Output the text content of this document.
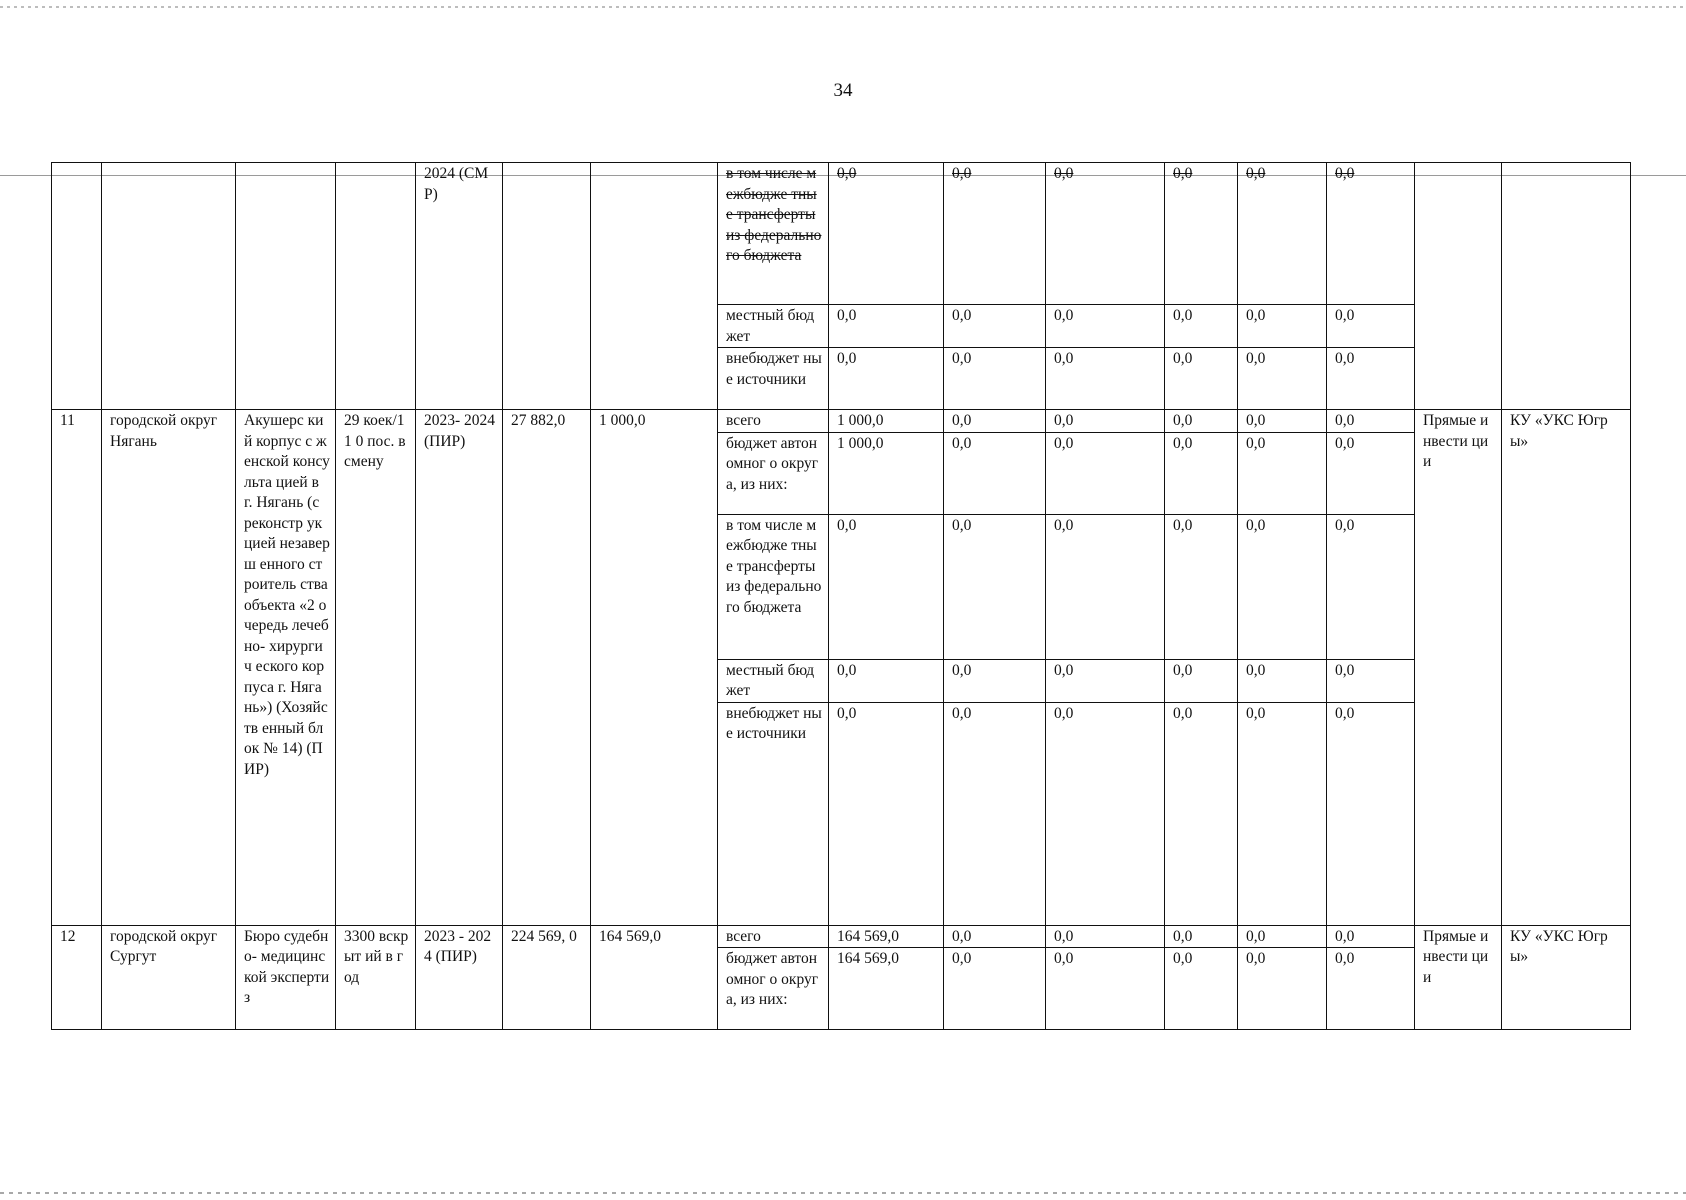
34
				2024 (СМР)			в том числе межбюдже тные трансферты из федерально го бюджета	0,0	0,0	0,0	0,0	0,0	0,0		
							местный бюджет	0,0	0,0	0,0	0,0	0,0	0,0		
							внебюджет ные источники	0,0	0,0	0,0	0,0	0,0	0,0		
11	городской округ Нягань	Акушерс кий корпус с женской консульта цией в г. Нягань (с реконстр укцией незаверш енного строитель ства объекта «2 очередь лечебно- хирургич еского корпуса г. Нягань») (Хозяйств енный блок № 14) (ПИР)	29 коек/11 0 пос. в смену	2023- 2024 (ПИР)	27 882,0	1 000,0	всего	1 000,0	0,0	0,0	0,0	0,0	0,0	Прямые инвести ции	КУ «УКС Югры»
							бюджет автономног о округа, из них:	1 000,0	0,0	0,0	0,0	0,0	0,0		
							в том числе межбюдже тные трансферты из федерально го бюджета	0,0	0,0	0,0	0,0	0,0	0,0		
							местный бюджет	0,0	0,0	0,0	0,0	0,0	0,0		
							внебюджет ные источники	0,0	0,0	0,0	0,0	0,0	0,0		
12	городской округ Сургут	Бюро судебно- медицинс кой экспертиз	3300 вскрыт ий в год	2023 - 2024 (ПИР)	224 569, 0	164 569,0	всего	164 569,0	0,0	0,0	0,0	0,0	0,0	Прямые инвести ции	КУ «УКС Югры»
							бюджет автономног о округа, из них:	164 569,0	0,0	0,0	0,0	0,0	0,0		
